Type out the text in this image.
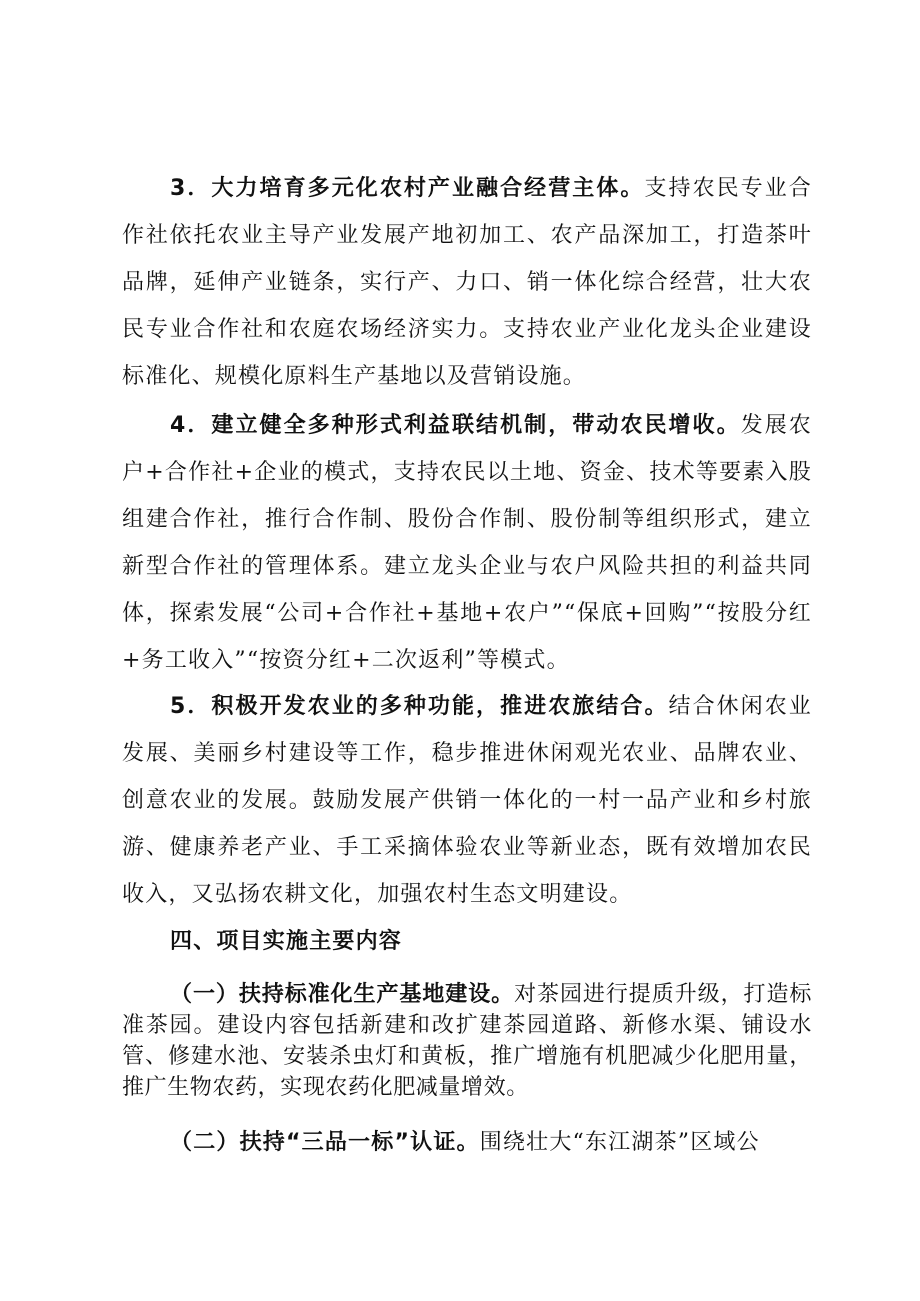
3．大力培育多元化农村产业融合经营主体。支持农民专业合作社依托农业主导产业发展产地初加工、农产品深加工，打造茶叶品牌，延伸产业链条，实行产、力口、销一体化综合经营，壮大农民专业合作社和农庭农场经济实力。支持农业产业化龙头企业建设标准化、规模化原料生产基地以及营销设施。

4．建立健全多种形式利益联结机制，带动农民增收。发展农户+合作社+企业的模式，支持农民以土地、资金、技术等要素入股组建合作社，推行合作制、股份合作制、股份制等组织形式，建立新型合作社的管理体系。建立龙头企业与农户风险共担的利益共同体，探索发展“公司+合作社+基地+农户”“保底+回购”“按股分红+务工收入”“按资分红+二次返利”等模式。

5．积极开发农业的多种功能，推进农旅结合。结合休闲农业发展、美丽乡村建设等工作，稳步推进休闲观光农业、品牌农业、创意农业的发展。鼓励发展产供销一体化的一村一品产业和乡村旅游、健康养老产业、手工采摘体验农业等新业态，既有效增加农民收入，又弘扬农耕文化，加强农村生态文明建设。

四、项目实施主要内容

（一）扶持标准化生产基地建设。对茶园进行提质升级，打造标准茶园。建设内容包括新建和改扩建茶园道路、新修水渠、铺设水管、修建水池、安装杀虫灯和黄板，推广增施有机肥减少化肥用量，推广生物农药，实现农药化肥减量增效。

（二）扶持“三品一标”认证。围绕壮大“东江湖茶”区域公
